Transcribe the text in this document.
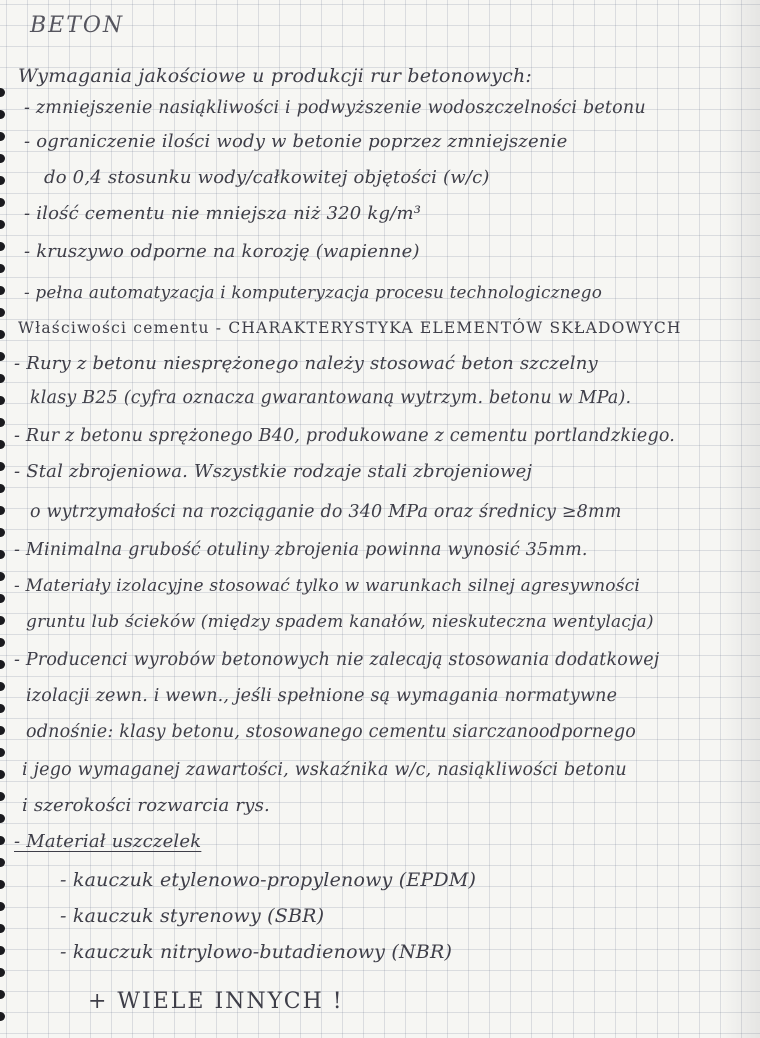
BETON
Wymagania jakościowe u produkcji rur betonowych:
- zmniejszenie nasiąkliwości i podwyższenie wodoszczelności betonu
- ograniczenie ilości wody w betonie poprzez zmniejszenie
do 0,4 stosunku wody/całkowitej objętości (w/c)
- ilość cementu nie mniejsza niż 320 kg/m³
- kruszywo odporne na korozję (wapienne)
- pełna automatyzacja i komputeryzacja procesu technologicznego
Właściwości cementu - CHARAKTERYSTYKA ELEMENTÓW SKŁADOWYCH
- Rury z betonu niesprężonego należy stosować beton szczelny
klasy B25 (cyfra oznacza gwarantowaną wytrzym. betonu w MPa).
- Rur z betonu sprężonego B40, produkowane z cementu portlandzkiego.
- Stal zbrojeniowa. Wszystkie rodzaje stali zbrojeniowej
o wytrzymałości na rozciąganie do 340 MPa oraz średnicy ≥8mm
- Minimalna grubość otuliny zbrojenia powinna wynosić 35mm.
- Materiały izolacyjne stosować tylko w warunkach silnej agresywności
gruntu lub ścieków (między spadem kanałów, nieskuteczna wentylacja)
- Producenci wyrobów betonowych nie zalecają stosowania dodatkowej
izolacji zewn. i wewn., jeśli spełnione są wymagania normatywne
odnośnie: klasy betonu, stosowanego cementu siarczanoodpornego
i jego wymaganej zawartości, wskaźnika w/c, nasiąkliwości betonu
i szerokości rozwarcia rys.
- Materiał uszczelek
- kauczuk etylenowo-propylenowy (EPDM)
- kauczuk styrenowy (SBR)
- kauczuk nitrylowo-butadienowy (NBR)
+ WIELE INNYCH !
